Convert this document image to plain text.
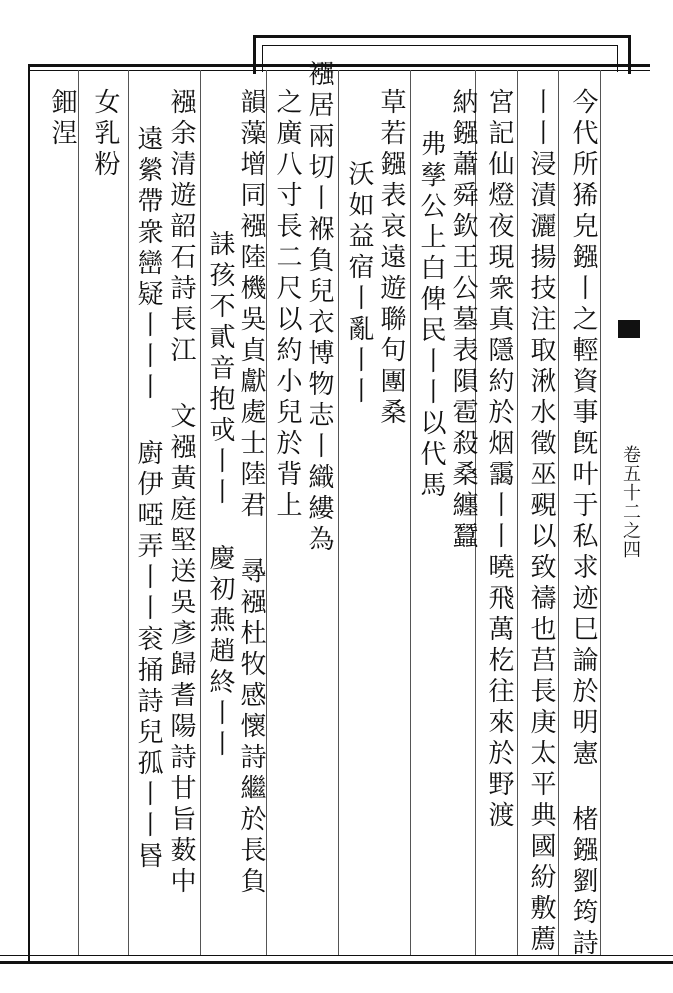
卷五十二之四
今代所狶皃鏹丨之輕資事旣叶于私求迹巳論於明憲 楮鏹劉筠詩
丨丨浸漬灑揚技注取湫水徵巫覡以致禱也莒長庚太平典國紛敷薦
宮記仙燈夜現衆真隱約於烟靄丨丨曉飛萬杚往來於野渡
納鏹蕭舜欽王公墓表隕雹殺桑纏蠶
弗孳公上白俾民丨丨以代馬
草若鏹表哀遠遊聯句團桑
沃如益宿丨亂丨丨
襁居兩切丨褓負兒衣博物志丨織縷為
之廣八寸長二尺以約小兒於背上
韻藻增同襁陸機吳貞獻處士陸君 㝷襁杜牧感懷詩繼於長負
誄孩不貳音抱戓丨丨 慶初燕趙終丨丨
襁余清遊韶石詩長江 文襁黃庭堅送吳彥歸耆陽詩甘旨薮中
遠縈帶衆巒疑丨丨丨 廚伊啞弄丨丨衮捅詩兒孤丨丨昬
女乳粉
鈿涅
